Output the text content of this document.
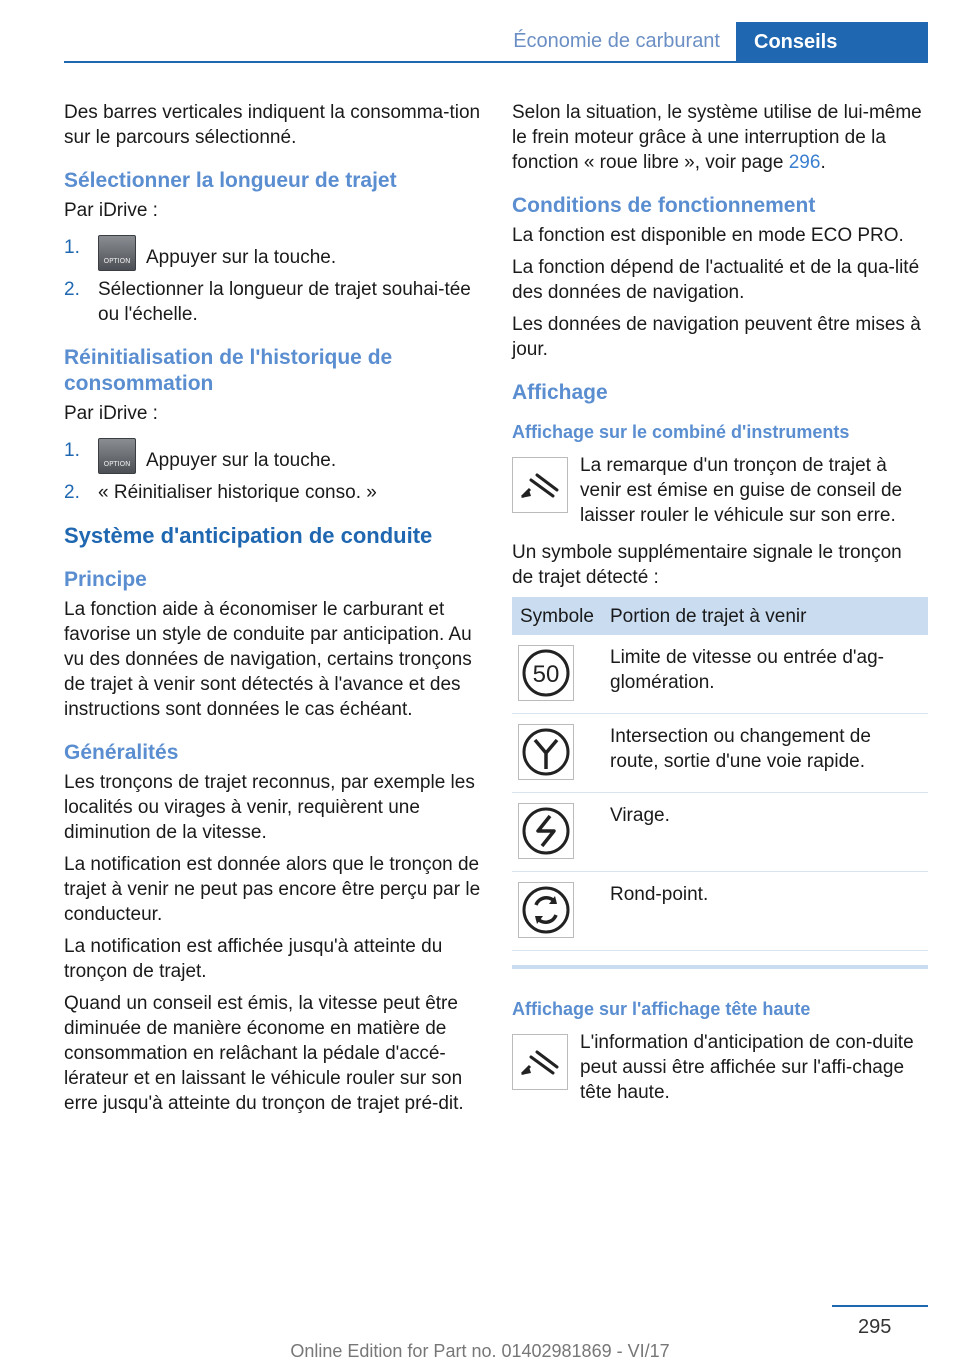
Économie de carburant	Conseils

Des barres verticales indiquent la consomma-tion sur le parcours sélectionné.

Sélectionner la longueur de trajet

Par iDrive :

1.
OPTION Appuyer sur la touche.
2. Sélectionner la longueur de trajet souhai-tée ou l'échelle.
Réinitialisation de l'historique de consommation

Par iDrive :

1.
OPTION Appuyer sur la touche.
2. « Réinitialiser historique conso. »
Système d'anticipation de conduite
Principe

La fonction aide à économiser le carburant et favorise un style de conduite par anticipation. Au vu des données de navigation, certains tronçons de trajet à venir sont détectés à l'avance et des instructions sont données le cas échéant.

Généralités

Les tronçons de trajet reconnus, par exemple les localités ou virages à venir, requièrent une diminution de la vitesse.

La notification est donnée alors que le tronçon de trajet à venir ne peut pas encore être perçu par le conducteur.

La notification est affichée jusqu'à atteinte du tronçon de trajet.

Quand un conseil est émis, la vitesse peut être diminuée de manière économe en matière de consommation en relâchant la pédale d'accé-lérateur et en laissant le véhicule rouler sur son erre jusqu'à atteinte du tronçon de trajet pré-dit.

Selon la situation, le système utilise de lui-même le frein moteur grâce à une interruption de la fonction « roue libre », voir page 296.

Conditions de fonctionnement

La fonction est disponible en mode ECO PRO.

La fonction dépend de l'actualité et de la qua-lité des données de navigation.

Les données de navigation peuvent être mises à jour.

Affichage
Affichage sur le combiné d'instruments
La remarque d'un tronçon de trajet à venir est émise en guise de conseil de laisser rouler le véhicule sur son erre.

Un symbole supplémentaire signale le tronçon de trajet détecté :

Symbole	Portion de trajet à venir

50	Limite de vitesse ou entrée d'ag-glomération.

	Intersection ou changement de route, sortie d'une voie rapide.

	Virage.

	Rond-point.
Affichage sur l'affichage tête haute
L'information d'anticipation de con-duite peut aussi être affichée sur l'affi-chage tête haute.
295
Online Edition for Part no. 01402981869 - VI/17
